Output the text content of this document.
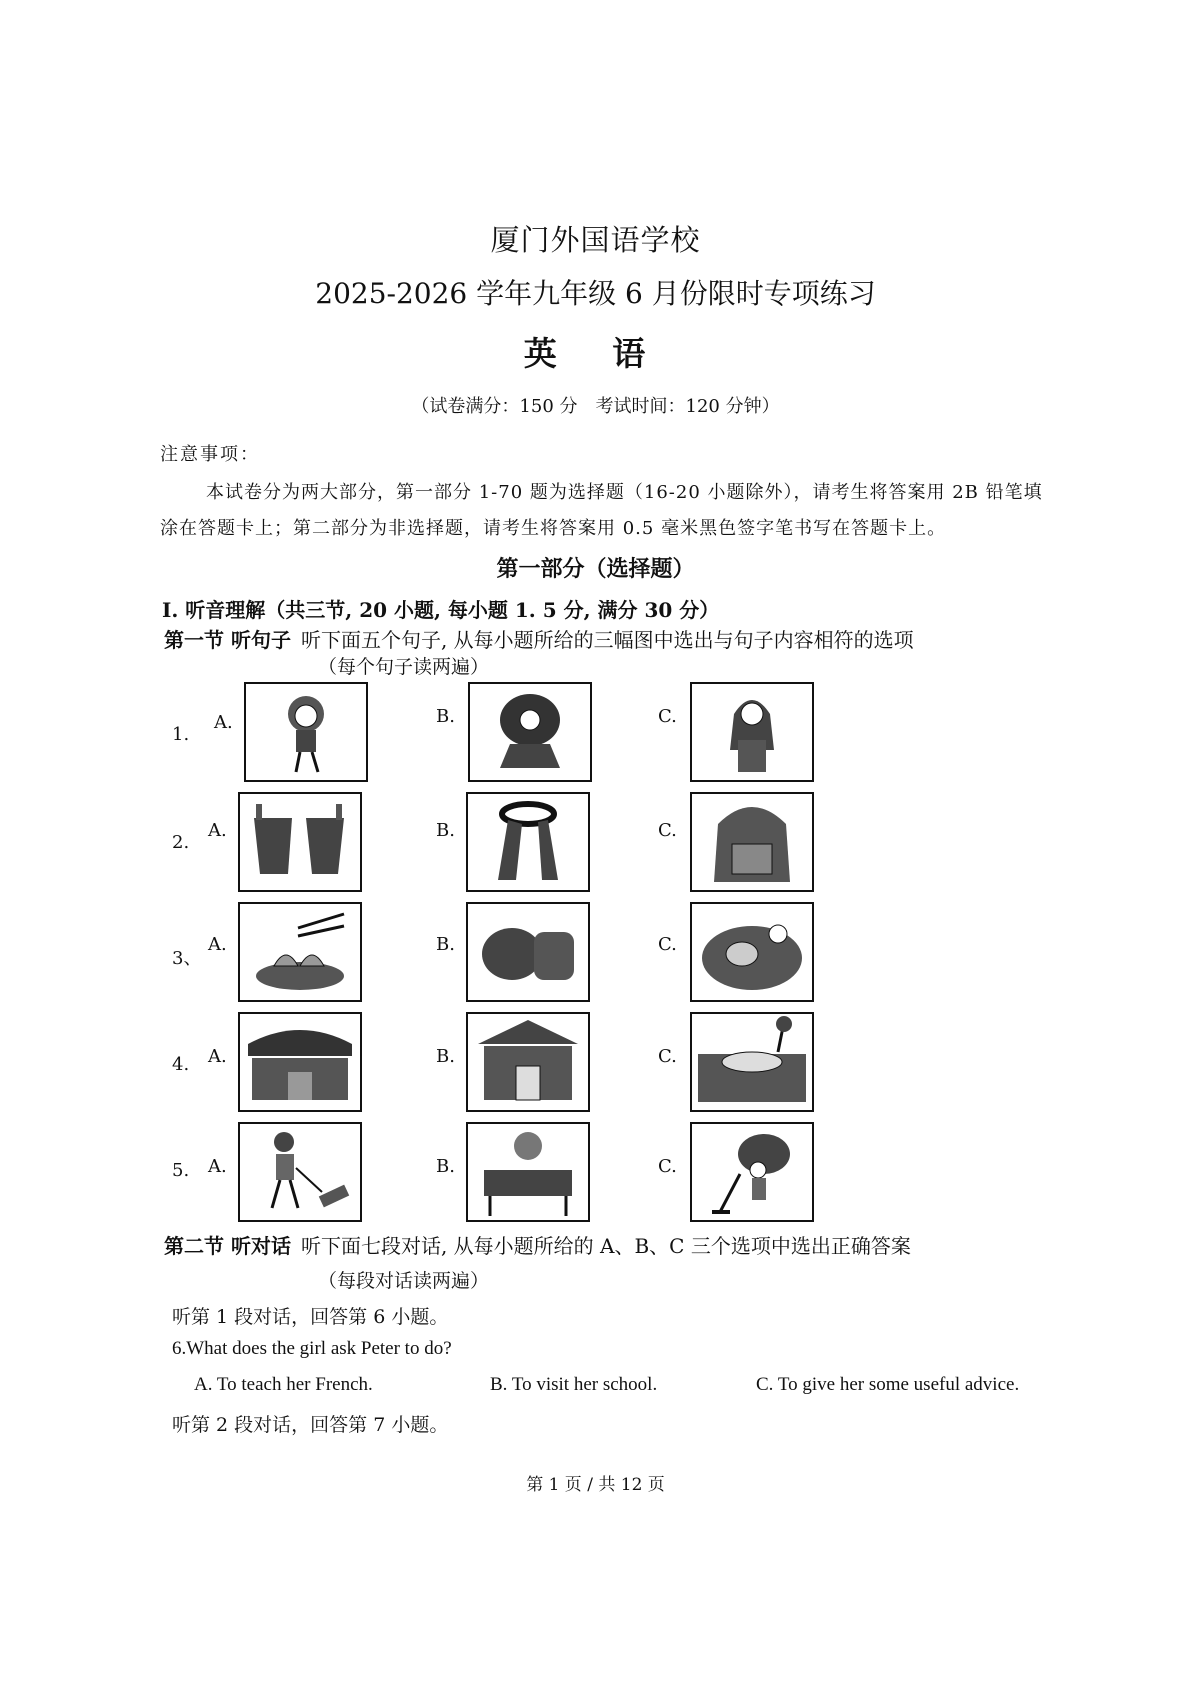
厦门外国语学校
2025-2026 学年九年级 6 月份限时专项练习
英 语
（试卷满分：150 分　考试时间：120 分钟）
注意事项：
本试卷分为两大部分，第一部分 1-70 题为选择题（16-20 小题除外），请考生将答案用 2B 铅笔填
涂在答题卡上；第二部分为非选择题，请考生将答案用 0.5 毫米黑色签字笔书写在答题卡上。
第一部分（选择题）
I. 听音理解（共三节, 20 小题, 每小题 1. 5 分, 满分 30 分）
第一节 听句子 听下面五个句子, 从每小题所给的三幅图中选出与句子内容相符的选项
（每个句子读两遍）
1.
A.	B.	C.
2.
A.	B.	C.
3、
A.	B.	C.
4. A.	B.	C.
5. A.	B.	C.
第二节 听对话 听下面七段对话, 从每小题所给的 A、B、C 三个选项中选出正确答案
（每段对话读两遍）
听第 1 段对话，回答第 6 小题。
6.What does the girl ask Peter to do?
A. To teach her French.	B. To visit her school.	C. To give her some useful advice.
听第 2 段对话，回答第 7 小题。
第 1 页 / 共 12 页
